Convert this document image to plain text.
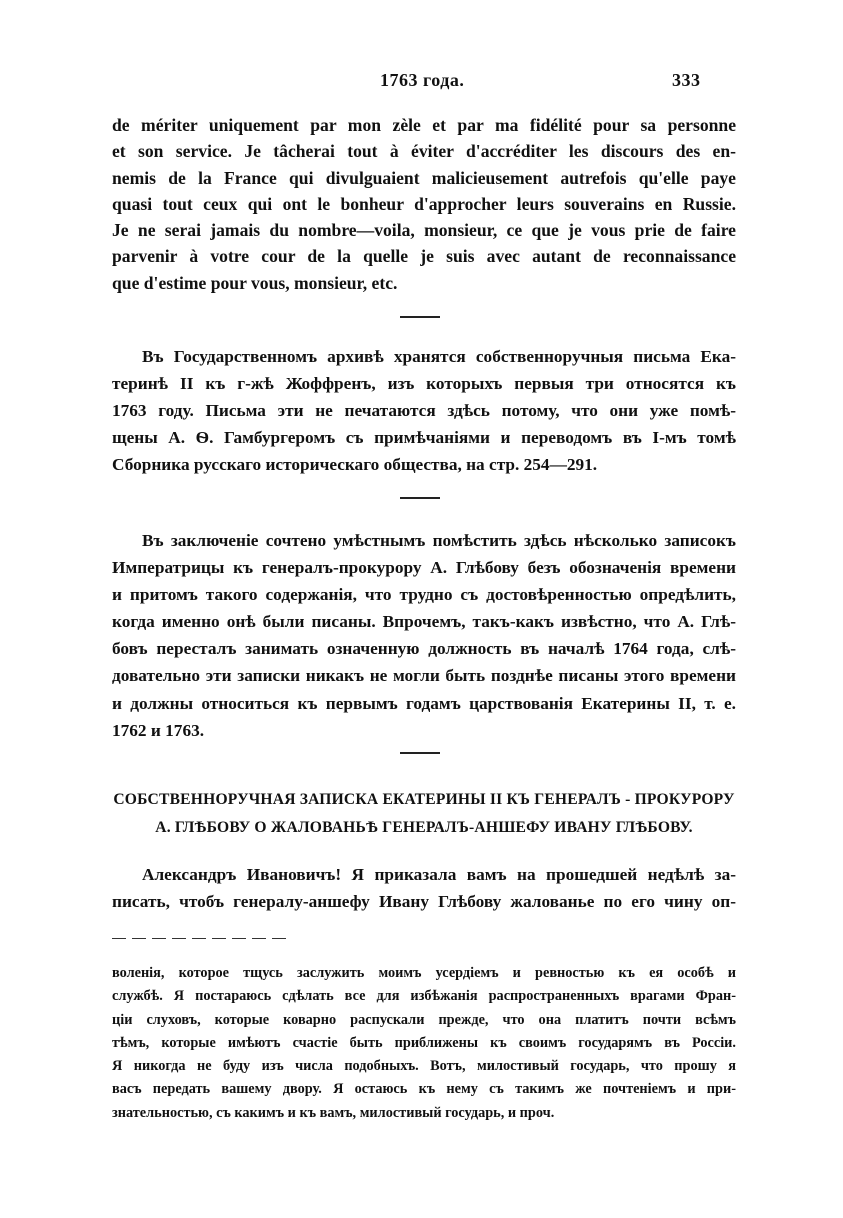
1763 года.	333

de mériter uniquement par mon zèle et par ma fidélité pour sa personne
et son service. Je tâcherai tout à éviter d'accréditer les discours des en-
nemis de la France qui divulguaient malicieusement autrefois qu'elle paye
quasi tout ceux qui ont le bonheur d'approcher leurs souverains en Russie.
Je ne serai jamais du nombre—voila, monsieur, ce que je vous prie de faire
parvenir à votre cour de la quelle je suis avec autant de reconnaissance
que d'estime pour vous, monsieur, etc.

Въ Государственномъ архивѣ хранятся собственноручныя письма Ека-
теринѣ II къ г-жѣ Жоффренъ, изъ которыхъ первыя три относятся къ
1763 году. Письма эти не печатаются здѣсь потому, что они уже помѣ-
щены А. Ѳ. Гамбургеромъ съ примѣчаніями и переводомъ въ I-мъ томѣ
Сборника русскаго историческаго общества, на стр. 254—291.

Въ заключеніе сочтено умѣстнымъ помѣстить здѣсь нѣсколько записокъ
Императрицы къ генералъ-прокурору А. Глѣбову безъ обозначенія времени
и притомъ такого содержанія, что трудно съ достовѣренностью опредѣлить,
когда именно онѣ были писаны. Впрочемъ, такъ-какъ извѣстно, что А. Глѣ-
бовъ пересталъ занимать означенную должность въ началѣ 1764 года, слѣ-
довательно эти записки никакъ не могли быть позднѣе писаны этого времени
и должны относиться къ первымъ годамъ царствованія Екатерины II, т. е.
1762 и 1763.

СОБСТВЕННОРУЧНАЯ ЗАПИСКА ЕКАТЕРИНЫ II КЪ ГЕНЕРАЛЪ - ПРОКУРОРУ
А. ГЛѢБОВУ О ЖАЛОВАНЬѢ ГЕНЕРАЛЪ-АНШЕФУ ИВАНУ ГЛѢБОВУ.

Александръ Ивановичъ! Я приказала вамъ на прошедшей недѣлѣ за-
писать, чтобъ генералу-аншефу Ивану Глѣбову жалованье по его чину оп-

воленія, которое тщусь заслужить моимъ усердіемъ и ревностью къ ея особѣ и
службѣ. Я постараюсь сдѣлать все для избѣжанія распространенныхъ врагами Фран-
ціи слуховъ, которые коварно распускали прежде, что она платитъ почти всѣмъ
тѣмъ, которые имѣютъ счастіе быть приближены къ своимъ государямъ въ Россіи.
Я никогда не буду изъ числа подобныхъ. Вотъ, милостивый государь, что прошу я
васъ передать вашему двору. Я остаюсь къ нему съ такимъ же почтеніемъ и при-
знательностью, съ какимъ и къ вамъ, милостивый государь, и проч.
